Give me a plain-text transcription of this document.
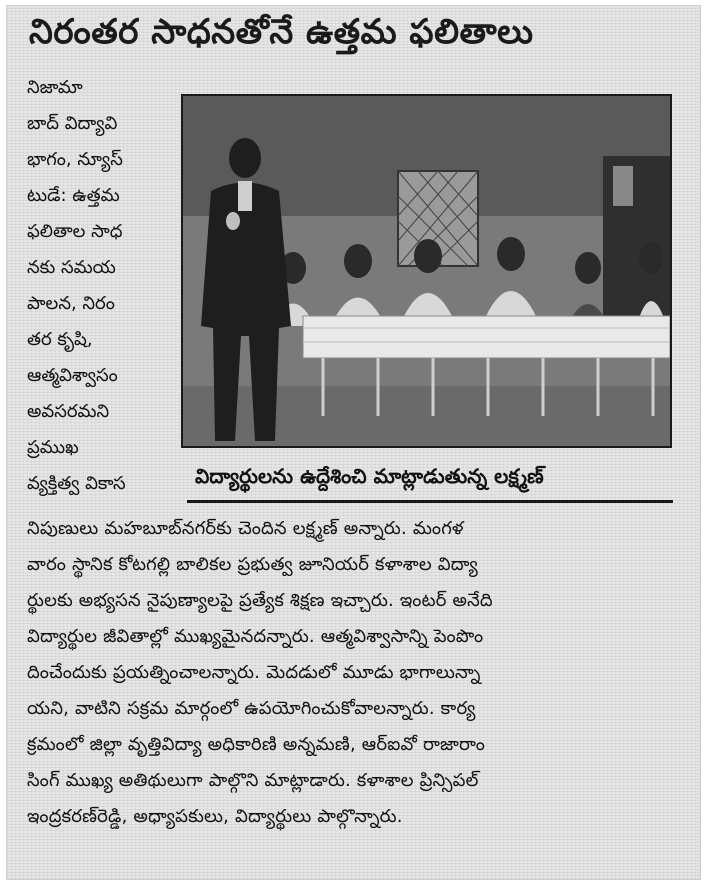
నిరంతర సాధనతోనే ఉత్తమ ఫలితాలు
నిజామా
బాద్ విద్యావి
భాగం, న్యూస్
టుడే: ఉత్తమ
ఫలితాల సాధ
నకు సమయ
పాలన, నిరం
తర కృషి,
ఆత్మవిశ్వాసం
అవసరమని
ప్రముఖ
వ్యక్తిత్వ వికాస	విద్యార్థులను ఉద్దేశించి మాట్లాడుతున్న లక్ష్మణ్
నిపుణులు మహబూబ్‌నగర్‌కు చెందిన లక్ష్మణ్ అన్నారు. మంగళ
వారం స్థానిక కోటగల్లి బాలికల ప్రభుత్వ జూనియర్ కళాశాల విద్యా
ర్థులకు అభ్యసన నైపుణ్యాలపై ప్రత్యేక శిక్షణ ఇచ్చారు. ఇంటర్ అనేది
విద్యార్థుల జీవితాల్లో ముఖ్యమైనదన్నారు. ఆత్మవిశ్వాసాన్ని పెంపొం
దించేందుకు ప్రయత్నించాలన్నారు. మెదడులో మూడు భాగాలున్నా
యని, వాటిని సక్రమ మార్గంలో ఉపయోగించుకోవాలన్నారు. కార్య
క్రమంలో జిల్లా వృత్తివిద్యా అధికారిణి అన్నమణి, ఆర్ఐవో రాజారాం
సింగ్ ముఖ్య అతిథులుగా పాల్గొని మాట్లాడారు. కళాశాల ప్రిన్సిపల్
ఇంద్రకరణ్‌రెడ్డి, అధ్యాపకులు, విద్యార్థులు పాల్గొన్నారు.
